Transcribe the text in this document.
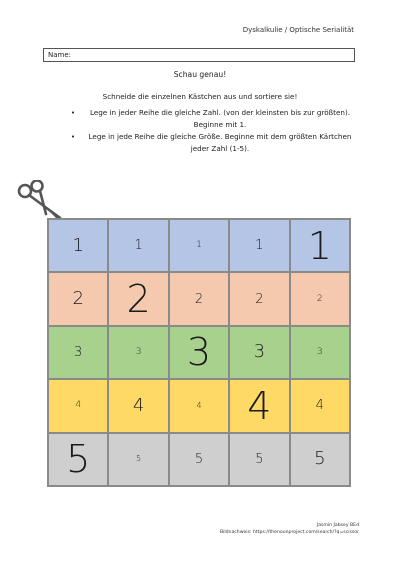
Dyskalkulie / Optische Serialität
Name:
Schau genau!
Schneide die einzelnen Kästchen aus und sortiere sie!
•	Lege in jeder Reihe die gleiche Zahl. (von der kleinsten bis zur größten).
Beginne mit 1.
•	Lege in jede Reihe die gleiche Größe. Beginne mit dem größten Kärtchen
jeder Zahl (1-5).
1	1	1	1	1
2	2	2	2	2
3	3	3	3	3
4	4	4	4	4
5	5	5	5	5
Jasmin Jabsey BEd
Bildnachweis: https://thenounproject.com/search/?q=scissor
